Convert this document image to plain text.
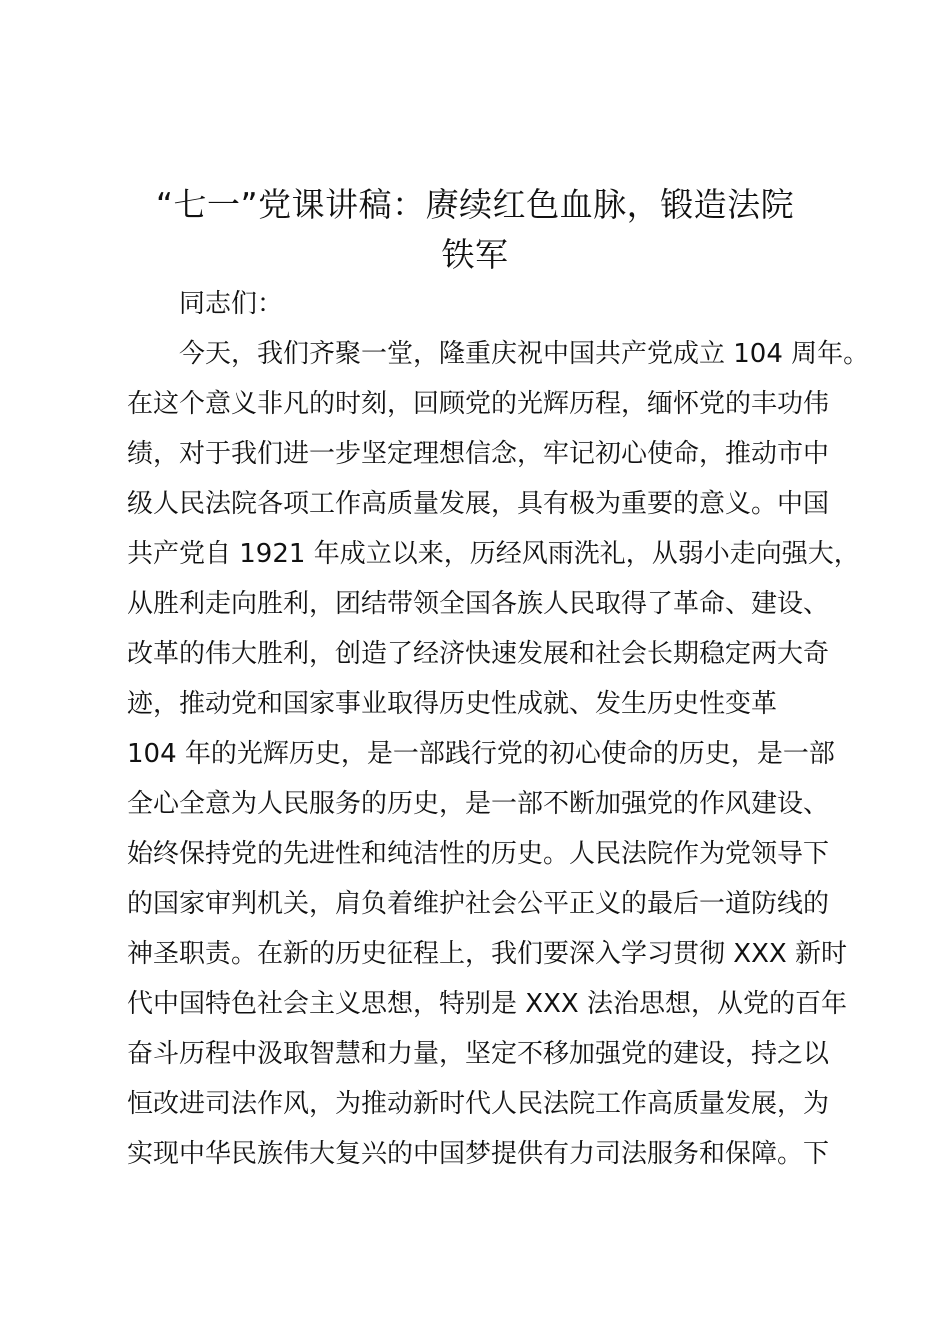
“七一”党课讲稿：赓续红色血脉，锻造法院
铁军

同志们：

今天，我们齐聚一堂，隆重庆祝中国共产党成立 104 周年。

在这个意义非凡的时刻，回顾党的光辉历程，缅怀党的丰功伟

绩，对于我们进一步坚定理想信念，牢记初心使命，推动市中

级人民法院各项工作高质量发展，具有极为重要的意义。中国

共产党自 1921 年成立以来，历经风雨洗礼，从弱小走向强大，

从胜利走向胜利，团结带领全国各族人民取得了革命、建设、

改革的伟大胜利，创造了经济快速发展和社会长期稳定两大奇

迹，推动党和国家事业取得历史性成就、发生历史性变革

104 年的光辉历史，是一部践行党的初心使命的历史，是一部

全心全意为人民服务的历史，是一部不断加强党的作风建设、

始终保持党的先进性和纯洁性的历史。人民法院作为党领导下

的国家审判机关，肩负着维护社会公平正义的最后一道防线的

神圣职责。在新的历史征程上，我们要深入学习贯彻 XXX 新时

代中国特色社会主义思想，特别是 XXX 法治思想，从党的百年

奋斗历程中汲取智慧和力量，坚定不移加强党的建设，持之以

恒改进司法作风，为推动新时代人民法院工作高质量发展，为

实现中华民族伟大复兴的中国梦提供有力司法服务和保障。下
